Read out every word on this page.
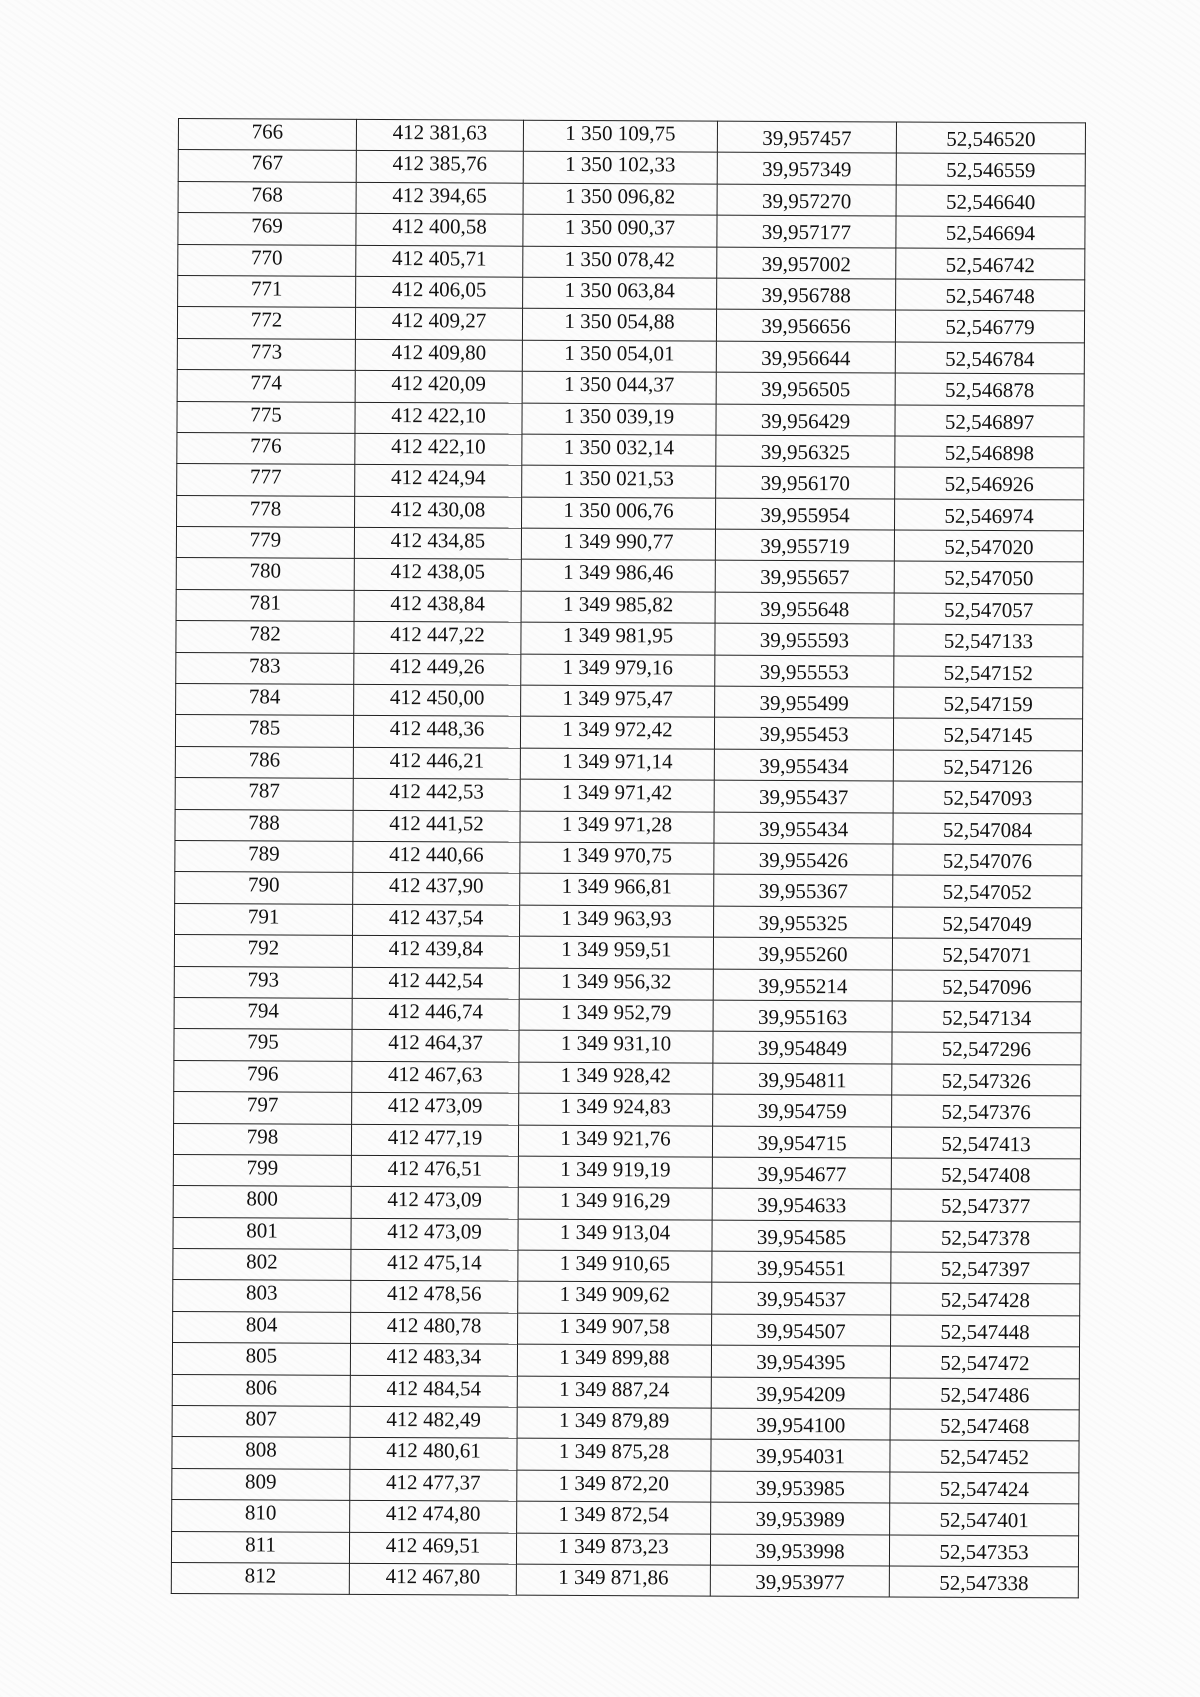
766	412 381,63	1 350 109,75	39,957457	52,546520
767	412 385,76	1 350 102,33	39,957349	52,546559
768	412 394,65	1 350 096,82	39,957270	52,546640
769	412 400,58	1 350 090,37	39,957177	52,546694
770	412 405,71	1 350 078,42	39,957002	52,546742
771	412 406,05	1 350 063,84	39,956788	52,546748
772	412 409,27	1 350 054,88	39,956656	52,546779
773	412 409,80	1 350 054,01	39,956644	52,546784
774	412 420,09	1 350 044,37	39,956505	52,546878
775	412 422,10	1 350 039,19	39,956429	52,546897
776	412 422,10	1 350 032,14	39,956325	52,546898
777	412 424,94	1 350 021,53	39,956170	52,546926
778	412 430,08	1 350 006,76	39,955954	52,546974
779	412 434,85	1 349 990,77	39,955719	52,547020
780	412 438,05	1 349 986,46	39,955657	52,547050
781	412 438,84	1 349 985,82	39,955648	52,547057
782	412 447,22	1 349 981,95	39,955593	52,547133
783	412 449,26	1 349 979,16	39,955553	52,547152
784	412 450,00	1 349 975,47	39,955499	52,547159
785	412 448,36	1 349 972,42	39,955453	52,547145
786	412 446,21	1 349 971,14	39,955434	52,547126
787	412 442,53	1 349 971,42	39,955437	52,547093
788	412 441,52	1 349 971,28	39,955434	52,547084
789	412 440,66	1 349 970,75	39,955426	52,547076
790	412 437,90	1 349 966,81	39,955367	52,547052
791	412 437,54	1 349 963,93	39,955325	52,547049
792	412 439,84	1 349 959,51	39,955260	52,547071
793	412 442,54	1 349 956,32	39,955214	52,547096
794	412 446,74	1 349 952,79	39,955163	52,547134
795	412 464,37	1 349 931,10	39,954849	52,547296
796	412 467,63	1 349 928,42	39,954811	52,547326
797	412 473,09	1 349 924,83	39,954759	52,547376
798	412 477,19	1 349 921,76	39,954715	52,547413
799	412 476,51	1 349 919,19	39,954677	52,547408
800	412 473,09	1 349 916,29	39,954633	52,547377
801	412 473,09	1 349 913,04	39,954585	52,547378
802	412 475,14	1 349 910,65	39,954551	52,547397
803	412 478,56	1 349 909,62	39,954537	52,547428
804	412 480,78	1 349 907,58	39,954507	52,547448
805	412 483,34	1 349 899,88	39,954395	52,547472
806	412 484,54	1 349 887,24	39,954209	52,547486
807	412 482,49	1 349 879,89	39,954100	52,547468
808	412 480,61	1 349 875,28	39,954031	52,547452
809	412 477,37	1 349 872,20	39,953985	52,547424
810	412 474,80	1 349 872,54	39,953989	52,547401
811	412 469,51	1 349 873,23	39,953998	52,547353
812	412 467,80	1 349 871,86	39,953977	52,547338
